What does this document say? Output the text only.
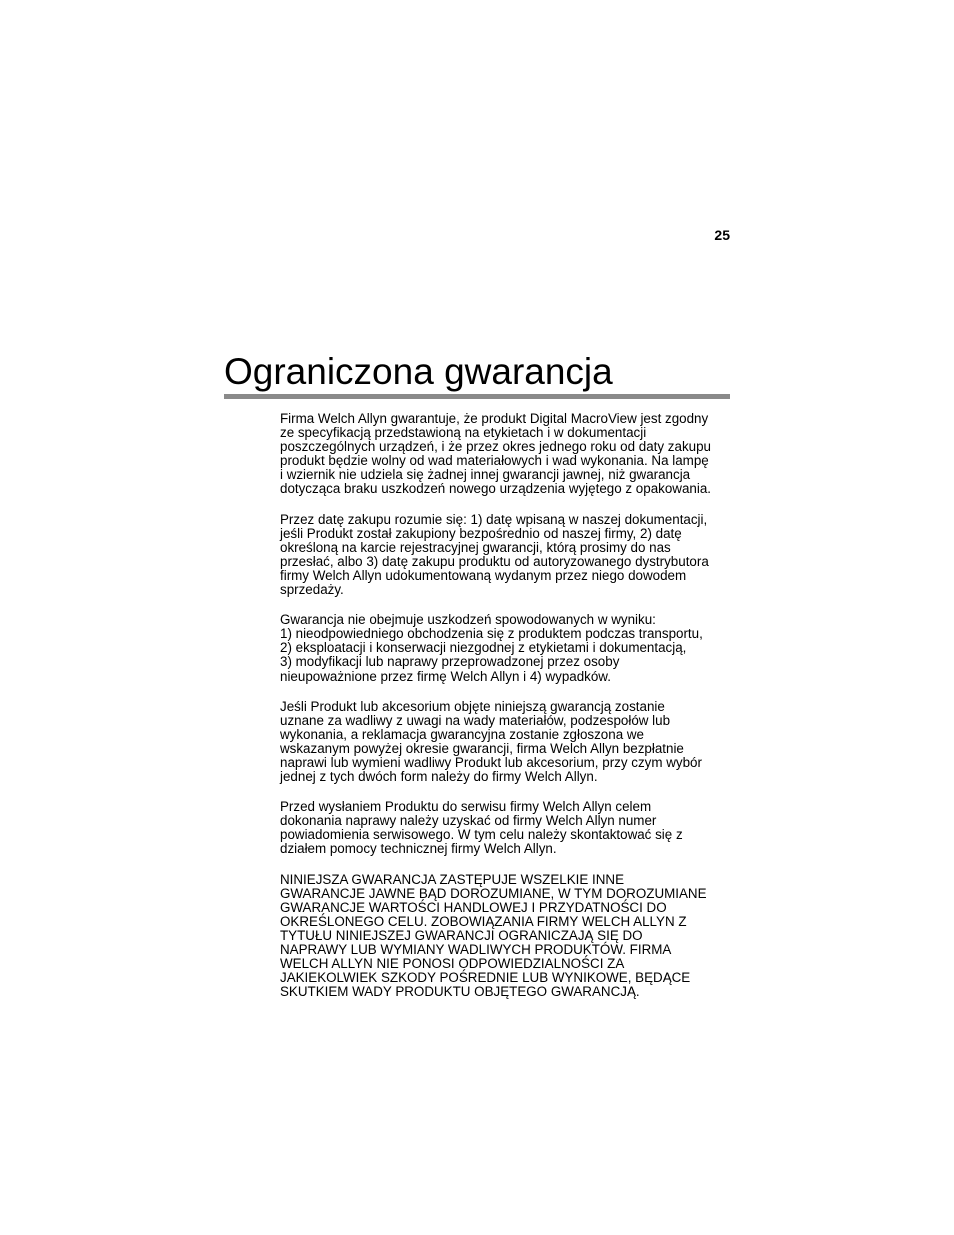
25
Ograniczona gwarancja

Firma Welch Allyn gwarantuje, że produkt Digital MacroView jest zgodny
ze specyfikacją przedstawioną na etykietach i w dokumentacji
poszczególnych urządzeń, i że przez okres jednego roku od daty zakupu
produkt będzie wolny od wad materiałowych i wad wykonania. Na lampę
i wziernik nie udziela się żadnej innej gwarancji jawnej, niż gwarancja
dotycząca braku uszkodzeń nowego urządzenia wyjętego z opakowania.

Przez datę zakupu rozumie się: 1) datę wpisaną w naszej dokumentacji,
jeśli Produkt został zakupiony bezpośrednio od naszej firmy, 2) datę
określoną na karcie rejestracyjnej gwarancji, którą prosimy do nas
przesłać, albo 3) datę zakupu produktu od autoryzowanego dystrybutora
firmy Welch Allyn udokumentowaną wydanym przez niego dowodem
sprzedaży.

Gwarancja nie obejmuje uszkodzeń spowodowanych w wyniku:
1) nieodpowiedniego obchodzenia się z produktem podczas transportu,
2) eksploatacji i konserwacji niezgodnej z etykietami i dokumentacją,
3) modyfikacji lub naprawy przeprowadzonej przez osoby
nieupoważnione przez firmę Welch Allyn i 4) wypadków.

Jeśli Produkt lub akcesorium objęte niniejszą gwarancją zostanie
uznane za wadliwy z uwagi na wady materiałów, podzespołów lub
wykonania, a reklamacja gwarancyjna zostanie zgłoszona we
wskazanym powyżej okresie gwarancji, firma Welch Allyn bezpłatnie
naprawi lub wymieni wadliwy Produkt lub akcesorium, przy czym wybór
jednej z tych dwóch form należy do firmy Welch Allyn.

Przed wysłaniem Produktu do serwisu firmy Welch Allyn celem
dokonania naprawy należy uzyskać od firmy Welch Allyn numer
powiadomienia serwisowego. W tym celu należy skontaktować się z
działem pomocy technicznej firmy Welch Allyn.

NINIEJSZA GWARANCJA ZASTĘPUJE WSZELKIE INNE
GWARANCJE JAWNE BĄD DOROZUMIANE, W TYM DOROZUMIANE
GWARANCJE WARTOŚCI HANDLOWEJ I PRZYDATNOŚCI DO
OKREŚLONEGO CELU. ZOBOWIĄZANIA FIRMY WELCH ALLYN Z
TYTUŁU NINIEJSZEJ GWARANCJI OGRANICZAJĄ SIĘ DO
NAPRAWY LUB WYMIANY WADLIWYCH PRODUKTÓW. FIRMA
WELCH ALLYN NIE PONOSI ODPOWIEDZIALNOŚCI ZA
JAKIEKOLWIEK SZKODY POŚREDNIE LUB WYNIKOWE, BĘDĄCE
SKUTKIEM WADY PRODUKTU OBJĘTEGO GWARANCJĄ.
